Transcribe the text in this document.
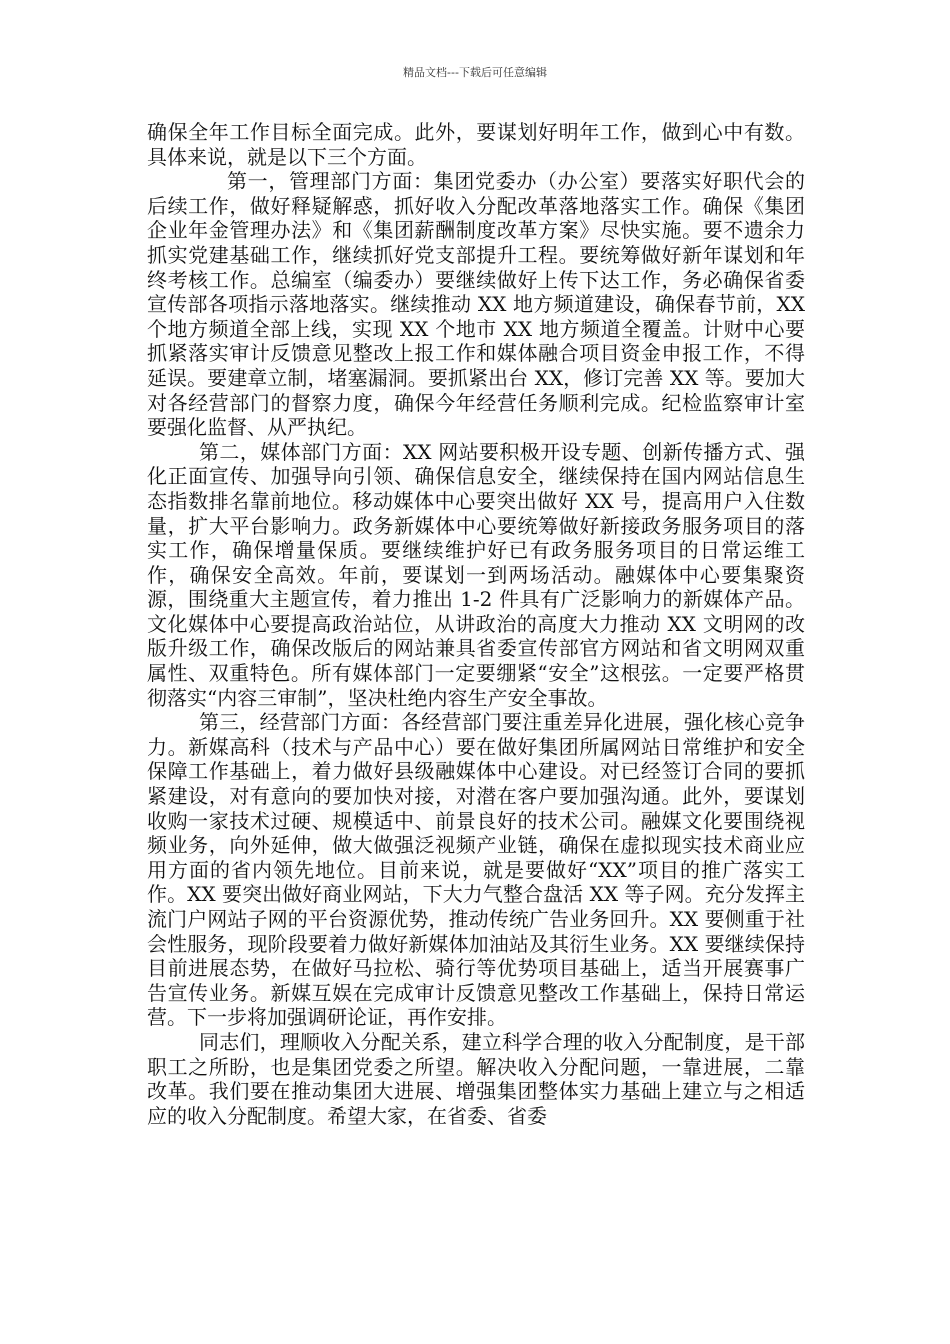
精品文档---下载后可任意编辑

确保全年工作目标全面完成。此外，要谋划好明年工作，做到心中有数。具体来说，就是以下三个方面。

第一，管理部门方面：集团党委办（办公室）要落实好职代会的后续工作，做好释疑解惑，抓好收入分配改革落地落实工作。确保《集团企业年金管理办法》和《集团薪酬制度改革方案》尽快实施。要不遗余力抓实党建基础工作，继续抓好党支部提升工程。要统筹做好新年谋划和年终考核工作。总编室（编委办）要继续做好上传下达工作，务必确保省委宣传部各项指示落地落实。继续推动 XX 地方频道建设，确保春节前，XX 个地方频道全部上线，实现 XX 个地市 XX 地方频道全覆盖。计财中心要抓紧落实审计反馈意见整改上报工作和媒体融合项目资金申报工作，不得延误。要建章立制，堵塞漏洞。要抓紧出台 XX，修订完善 XX 等。要加大对各经营部门的督察力度，确保今年经营任务顺利完成。纪检监察审计室要强化监督、从严执纪。

第二，媒体部门方面：XX 网站要积极开设专题、创新传播方式、强化正面宣传、加强导向引领、确保信息安全，继续保持在国内网站信息生态指数排名靠前地位。移动媒体中心要突出做好 XX 号，提高用户入住数量，扩大平台影响力。政务新媒体中心要统筹做好新接政务服务项目的落实工作，确保增量保质。要继续维护好已有政务服务项目的日常运维工作，确保安全高效。年前，要谋划一到两场活动。融媒体中心要集聚资源，围绕重大主题宣传，着力推出 1-2 件具有广泛影响力的新媒体产品。文化媒体中心要提高政治站位，从讲政治的高度大力推动 XX 文明网的改版升级工作，确保改版后的网站兼具省委宣传部官方网站和省文明网双重属性、双重特色。所有媒体部门一定要绷紧“安全”这根弦。一定要严格贯彻落实“内容三审制”，坚决杜绝内容生产安全事故。

第三，经营部门方面：各经营部门要注重差异化进展，强化核心竞争力。新媒高科（技术与产品中心）要在做好集团所属网站日常维护和安全保障工作基础上，着力做好县级融媒体中心建设。对已经签订合同的要抓紧建设，对有意向的要加快对接，对潜在客户要加强沟通。此外，要谋划收购一家技术过硬、规模适中、前景良好的技术公司。融媒文化要围绕视频业务，向外延伸，做大做强泛视频产业链，确保在虚拟现实技术商业应用方面的省内领先地位。目前来说，就是要做好“XX”项目的推广落实工作。XX 要突出做好商业网站，下大力气整合盘活 XX 等子网。充分发挥主流门户网站子网的平台资源优势，推动传统广告业务回升。XX 要侧重于社会性服务，现阶段要着力做好新媒体加油站及其衍生业务。XX 要继续保持目前进展态势，在做好马拉松、骑行等优势项目基础上，适当开展赛事广告宣传业务。新媒互娱在完成审计反馈意见整改工作基础上，保持日常运营。下一步将加强调研论证，再作安排。

同志们，理顺收入分配关系，建立科学合理的收入分配制度，是干部职工之所盼，也是集团党委之所望。解决收入分配问题，一靠进展，二靠改革。我们要在推动集团大进展、增强集团整体实力基础上建立与之相适应的收入分配制度。希望大家，在省委、省委
